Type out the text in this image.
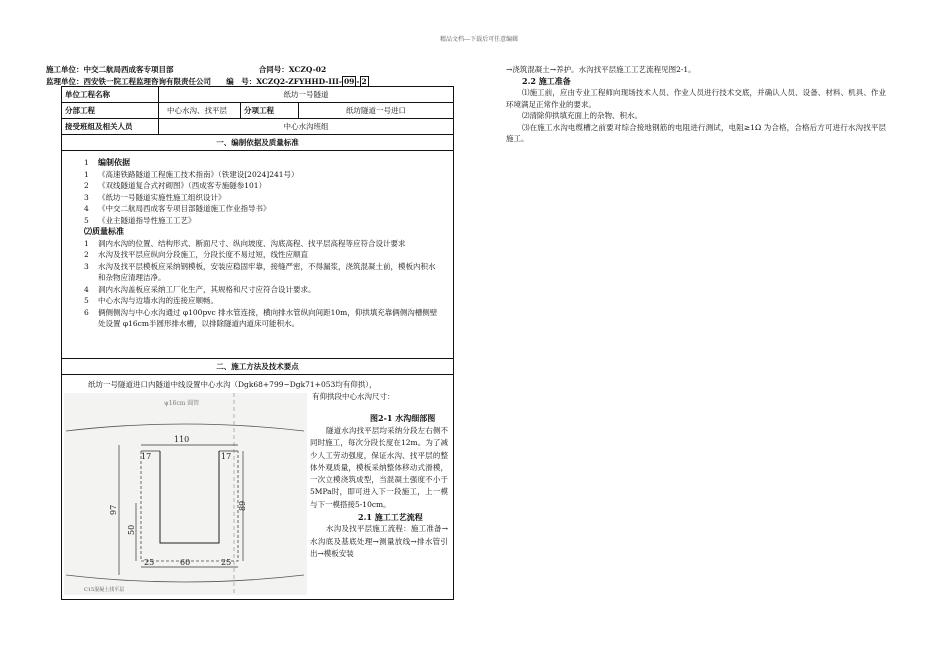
精品文档---下载后可任意编辑
施工单位：中交二航局西成客专项目部	合同号：XCZQ-02
监理单位：西安铁一院工程监理咨询有限责任公司 编　号：XCZQ2-ZFYHHD-III- 09 - 2
单位工程名称	纸坊一号隧道
分部工程	中心水沟、找平层	分项工程	纸坊隧道一号进口
接受班组及相关人员	中心水沟班组
一、编制依据及质量标准
1	编制依据
1	《高速铁路隧道工程施工技术指南》（铁建设[2024]241号）
2	《双线隧道复合式衬砌图》（西成客专施隧参101）
3	《纸坊一号隧道实施性施工组织设计》
4	《中交二航局西成客专项目部隧道施工作业指导书》
5	《业主隧道指导性施工工艺》
⑵质量标准
1	洞内水沟的位置、结构形式、断面尺寸、纵向坡度、沟底高程、找平层高程等应符合设计要求
2	水沟及找平层应纵向分段施工，分段长度不易过短，线性应顺直
3	水沟及找平层模板应采纳钢模板，安装应稳固牢靠，接缝严密，不得漏浆，浇筑混凝土前，模板内积水和杂物应清理洁净。
4	洞内水沟盖板应采纳工厂化生产，其规格和尺寸应符合设计要求。
5	中心水沟与边墙水沟的连接应顺畅。
6	俩侧侧沟与中心水沟通过 φ100pvc 排水管连接，横向排水管纵向间距10m，仰拱填充靠俩侧沟槽侧壁处设置 φ16cm半圆形排水槽，以排除隧道内道床可能积水。
二、施工方法及技术要点
纸坊一号隧道进口内隧道中线设置中心水沟（Dgk68+799~Dgk71+053均有仰拱），
有仰拱段中心水沟尺寸：
ψ16cm 圆管
110
17	17
89
97
50
25	60	25
C15混凝土找平层
图2-1 水沟细部图
隧道水沟找平层均采纳分段左右侧不同时施工，每次分段长度在12m。为了减少人工劳动强度，保证水沟、找平层的整体外观质量，模板采纳整体移动式滑模，一次立模浇筑成型，当混凝土强度不小于5MPa时，即可进入下一段施工，上一模与下一模搭接5-10cm。
2.1 施工工艺流程
水沟及找平层施工流程：施工准备→水沟底及基底处理→测量放线→排水管引出→模板安装
→浇筑混凝土→养护。水沟找平层施工工艺流程见图2-1。
2.2 施工准备
⑴施工前，应由专业工程师向现场技术人员、作业人员进行技术交底，并确认人员、设备、材料、机具、作业环境满足正常作业的要求。
⑵清除仰拱填充面上的杂物、积水。
⑶在施工水沟电缆槽之前要对综合接地钢筋的电阻进行测试，电阻≥1Ω 为合格，合格后方可进行水沟找平层施工。
